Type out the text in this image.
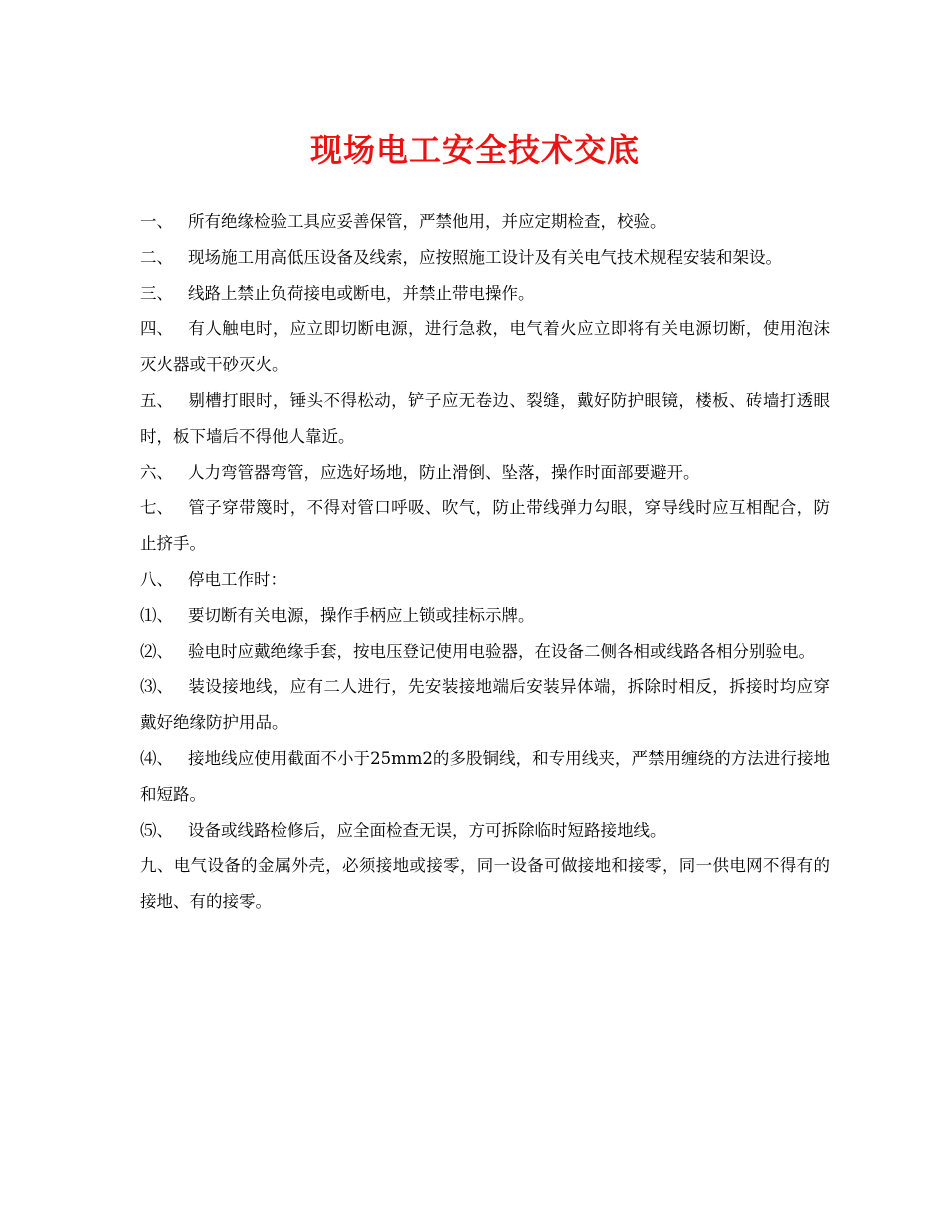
现场电工安全技术交底

一、 所有绝缘检验工具应妥善保管，严禁他用，并应定期检查，校验。

二、 现场施工用高低压设备及线索，应按照施工设计及有关电气技术规程安装和架设。

三、 线路上禁止负荷接电或断电，并禁止带电操作。

四、 有人触电时，应立即切断电源，进行急救，电气着火应立即将有关电源切断，使用泡沫灭火器或干砂灭火。

五、 剔槽打眼时，锤头不得松动，铲子应无卷边、裂缝，戴好防护眼镜，楼板、砖墙打透眼时，板下墙后不得他人靠近。

六、 人力弯管器弯管，应选好场地，防止滑倒、坠落，操作时面部要避开。

七、 管子穿带篾时，不得对管口呼吸、吹气，防止带线弹力勾眼，穿导线时应互相配合，防止挤手。

八、 停电工作时：

⑴、 要切断有关电源，操作手柄应上锁或挂标示牌。

⑵、 验电时应戴绝缘手套，按电压登记使用电验器，在设备二侧各相或线路各相分别验电。

⑶、 装设接地线，应有二人进行，先安装接地端后安装异体端，拆除时相反，拆接时均应穿戴好绝缘防护用品。

⑷、 接地线应使用截面不小于25mm2的多股铜线，和专用线夹，严禁用缠绕的方法进行接地和短路。

⑸、 设备或线路检修后，应全面检查无误，方可拆除临时短路接地线。

九、电气设备的金属外壳，必须接地或接零，同一设备可做接地和接零，同一供电网不得有的接地、有的接零。
